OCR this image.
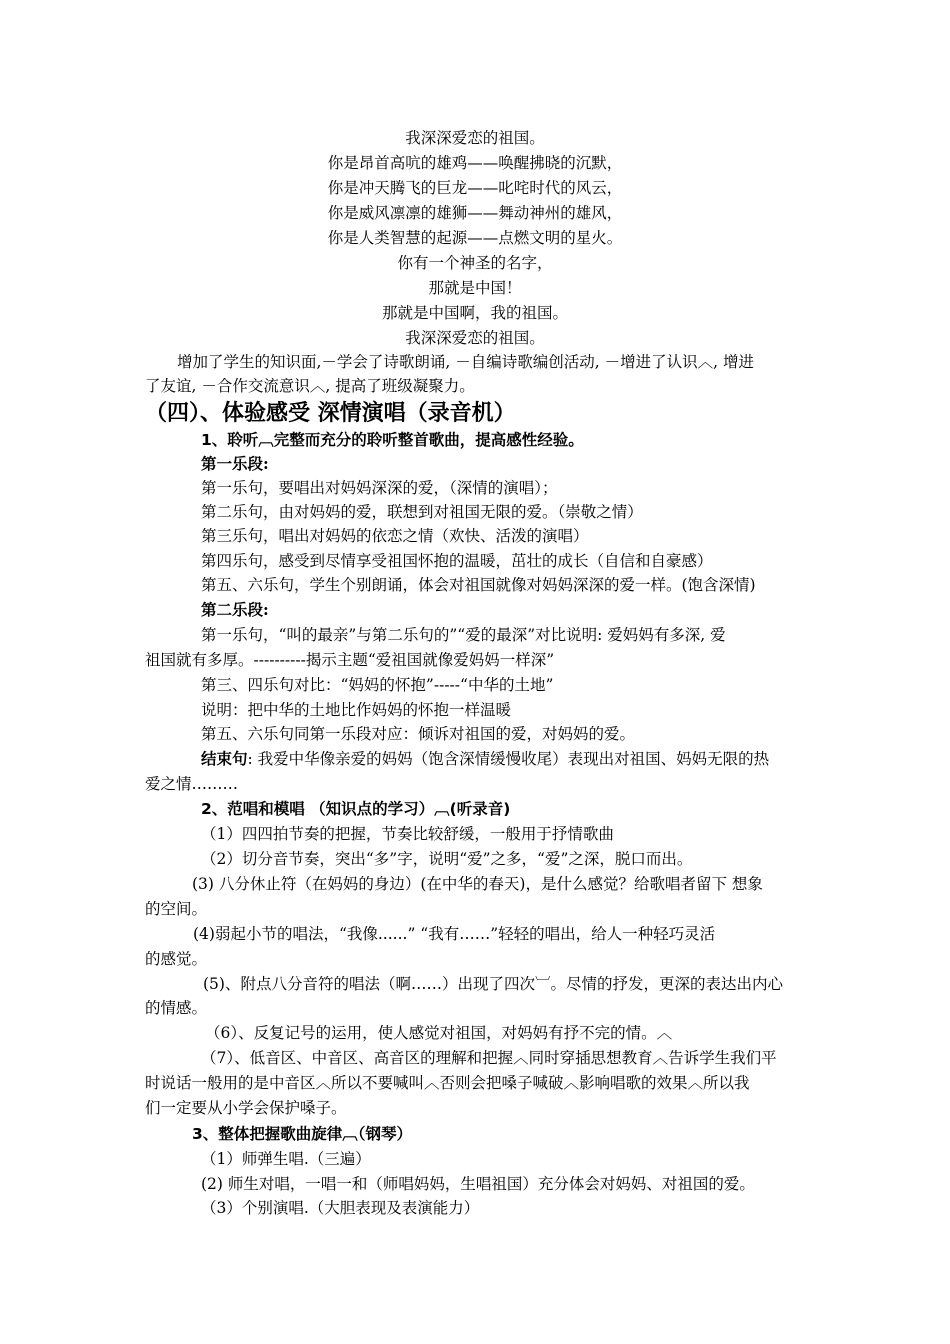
我深深爱恋的祖国。
你是昂首高吭的雄鸡——唤醒拂晓的沉默，
你是冲天腾飞的巨龙——叱咤时代的风云，
你是威风凛凛的雄狮——舞动神州的雄风，
你是人类智慧的起源——点燃文明的星火。
你有一个神圣的名字，
那就是中国！
那就是中国啊，我的祖国。
我深深爱恋的祖国。
增加了学生的知识面,－学会了诗歌朗诵, －自编诗歌编创活动, －增进了认识︿, 增进
了友谊, －合作交流意识︿, 提高了班级凝聚力。
（四）、体验感受 深情演唱（录音机）
1、聆听︹完整而充分的聆听整首歌曲，提高感性经验。
第一乐段:
第一乐句，要唱出对妈妈深深的爱，（深情的演唱）；
第二乐句，由对妈妈的爱，联想到对祖国无限的爱。（崇敬之情）
第三乐句，唱出对妈妈的依恋之情（欢快、活泼的演唱）
第四乐句，感受到尽情享受祖国怀抱的温暖，茁壮的成长（自信和自豪感）
第五、六乐句，学生个别朗诵，体会对祖国就像对妈妈深深的爱一样。(饱含深情)
第二乐段:
第一乐句，“叫的最亲”与第二乐句的”“爱的最深”对比说明: 爱妈妈有多深, 爱
祖国就有多厚。----------揭示主题“爱祖国就像爱妈妈一样深”
第三、四乐句对比：“妈妈的怀抱”-----“中华的土地”
说明：把中华的土地比作妈妈的怀抱一样温暖
第五、六乐句同第一乐段对应：倾诉对祖国的爱，对妈妈的爱。
结束句: 我爱中华像亲爱的妈妈（饱含深情缓慢收尾）表现出对祖国、妈妈无限的热
爱之情………
2、范唱和模唱 （知识点的学习）︹(听录音)
（1）四四拍节奏的把握，节奏比较舒缓，一般用于抒情歌曲
（2）切分音节奏，突出“多”字，说明“爱”之多，“爱”之深，脱口而出。
(3) 八分休止符（在妈妈的身边）(在中华的春天)，是什么感觉？给歌唱者留下 想象
的空间。
(4)弱起小节的唱法，“我像......” “我有……”轻轻的唱出，给人一种轻巧灵活
的感觉。
(5)、附点八分音符的唱法（啊……）出现了四次︺。尽情的抒发，更深的表达出内心
的情感。
（6）、反复记号的运用，使人感觉对祖国，对妈妈有抒不完的情。︿
（7）、低音区、中音区、高音区的理解和把握︿同时穿插思想教育︿告诉学生我们平
时说话一般用的是中音区︿所以不要喊叫︿否则会把嗓子喊破︿影响唱歌的效果︿所以我
们一定要从小学会保护嗓子。
3、整体把握歌曲旋律︹（钢琴）
（1）师弹生唱.（三遍）
(2) 师生对唱，一唱一和（师唱妈妈，生唱祖国）充分体会对妈妈、对祖国的爱。
（3）个别演唱.（大胆表现及表演能力）
